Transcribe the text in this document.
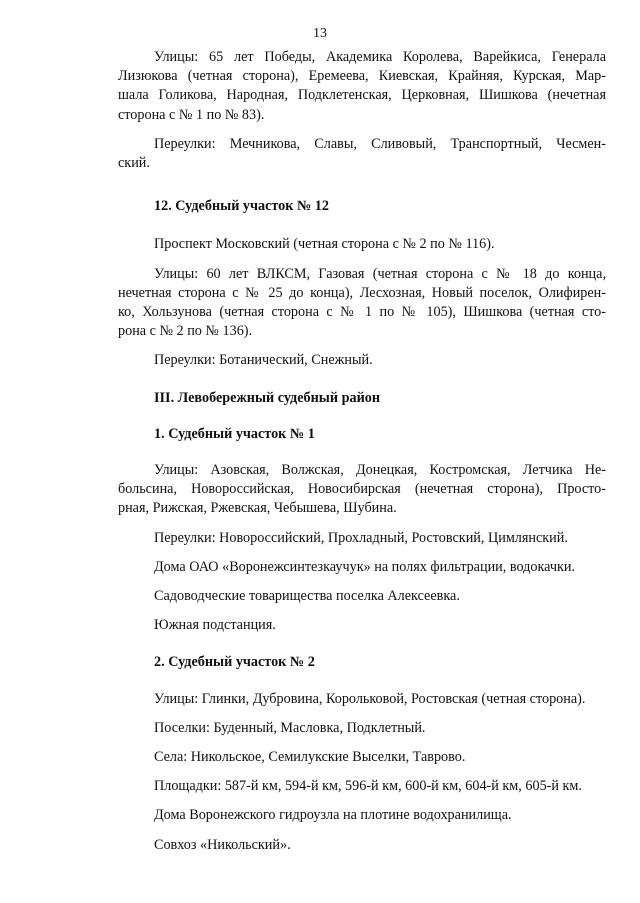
13

Улицы: 65 лет Победы, Академика Королева, Варейкиса, Генерала
Лизюкова (четная сторона), Еремеева, Киевская, Крайняя, Курская, Мар-
шала Голикова, Народная, Подклетенская, Церковная, Шишкова (нечетная
сторона с № 1 по № 83).

Переулки: Мечникова, Славы, Сливовый, Транспортный, Чесмен-
ский.

12. Судебный участок № 12

Проспект Московский (четная сторона с № 2 по № 116).

Улицы: 60 лет ВЛКСМ, Газовая (четная сторона с № 18 до конца,
нечетная сторона с № 25 до конца), Лесхозная, Новый поселок, Олифирен-
ко, Хользунова (четная сторона с № 1 по № 105), Шишкова (четная сто-
рона с № 2 по № 136).

Переулки: Ботанический, Снежный.

III. Левобережный судебный район

1. Судебный участок № 1

Улицы: Азовская, Волжская, Донецкая, Костромская, Летчика Не-
больсина, Новороссийская, Новосибирская (нечетная сторона), Просто-
рная, Рижская, Ржевская, Чебышева, Шубина.

Переулки: Новороссийский, Прохладный, Ростовский, Цимлянский.

Дома ОАО «Воронежсинтезкаучук» на полях фильтрации, водокачки.

Садоводческие товарищества поселка Алексеевка.

Южная подстанция.

2. Судебный участок № 2

Улицы: Глинки, Дубровина, Корольковой, Ростовская (четная сторона).

Поселки: Буденный, Масловка, Подклетный.

Села: Никольское, Семилукские Выселки, Таврово.

Площадки: 587-й км, 594-й км, 596-й км, 600-й км, 604-й км, 605-й км.

Дома Воронежского гидроузла на плотине водохранилища.

Совхоз «Никольский».
